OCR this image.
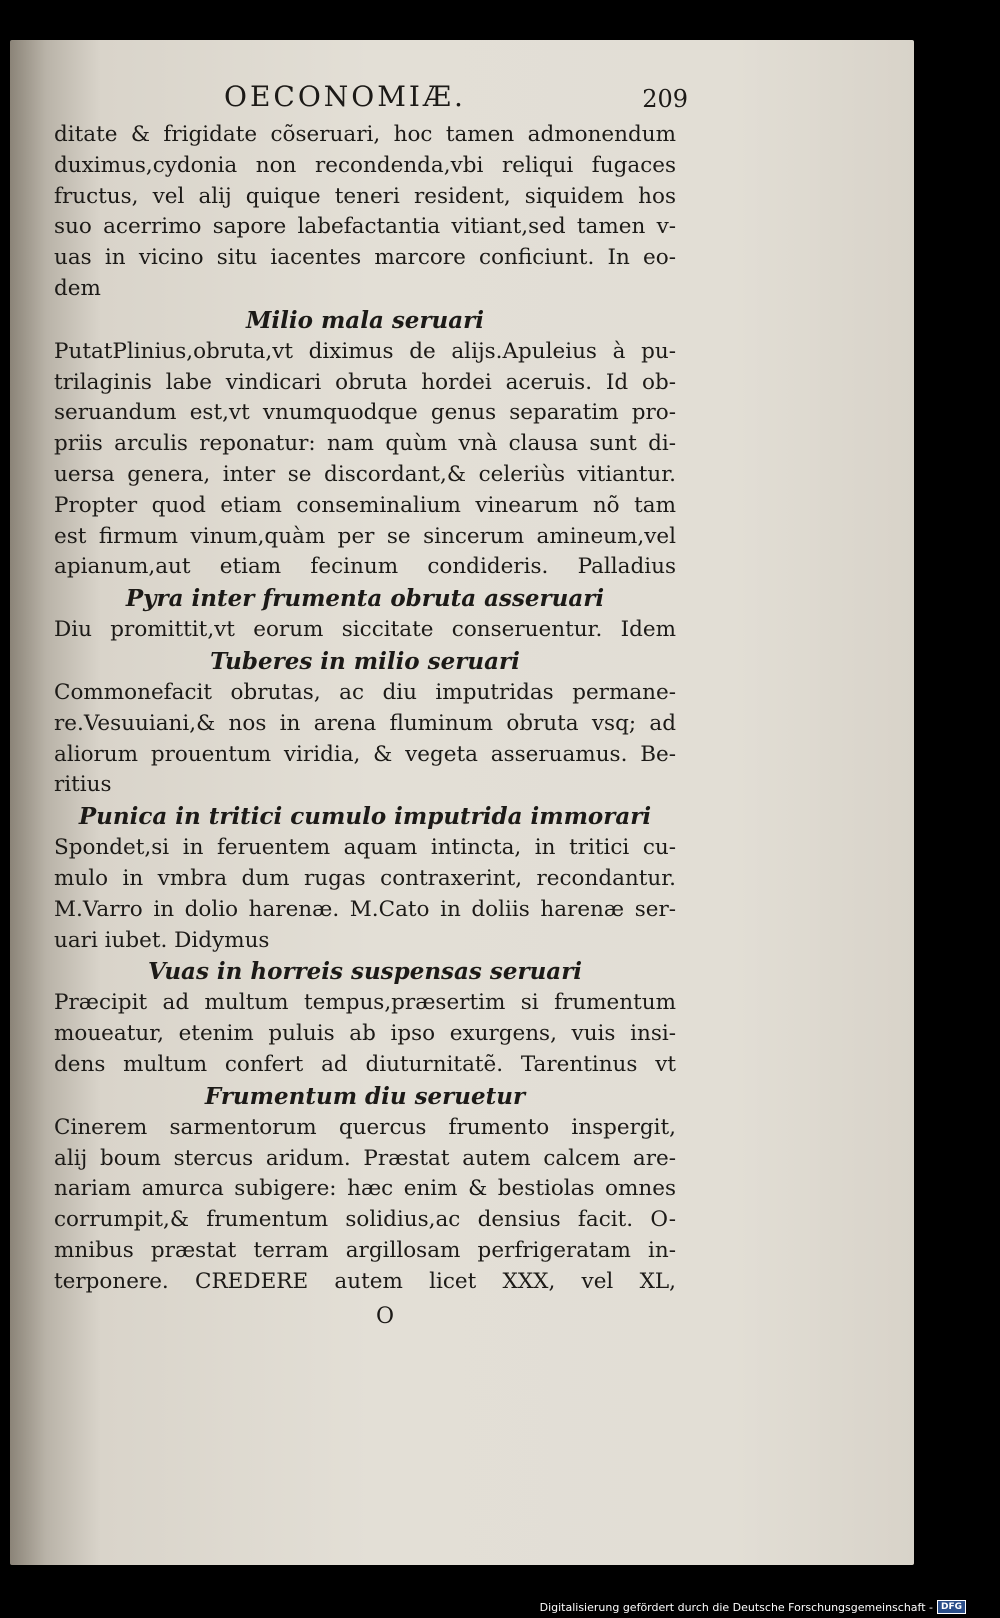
OECONOMIÆ.	209
ditate & frigidate cõseruari, hoc tamen admonendum
duximus,cydonia non recondenda,vbi reliqui fugaces
fructus, vel alij quique teneri resident, siquidem hos
suo acerrimo sapore labefactantia vitiant,sed tamen v-
uas in vicino situ iacentes marcore conficiunt. In eo-
dem
Milio mala seruari
PutatPlinius,obruta,vt diximus de alijs.Apuleius à pu-
trilaginis labe vindicari obruta hordei aceruis. Id ob-
seruandum est,vt vnumquodque genus separatim pro-
priis arculis reponatur: nam quùm vnà clausa sunt di-
uersa genera, inter se discordant,& celeriùs vitiantur.
Propter quod etiam conseminalium vinearum nõ tam
est firmum vinum,quàm per se sincerum amineum,vel
apianum,aut etiam fecinum condideris. Palladius
Pyra inter frumenta obruta asseruari
Diu promittit,vt eorum siccitate conseruentur. Idem
Tuberes in milio seruari
Commonefacit obrutas, ac diu imputridas permane-
re.Vesuuiani,& nos in arena fluminum obruta vsq; ad
aliorum prouentum viridia, & vegeta asseruamus. Be-
ritius
Punica in tritici cumulo imputrida immorari
Spondet,si in feruentem aquam intincta, in tritici cu-
mulo in vmbra dum rugas contraxerint, recondantur.
M.Varro in dolio harenæ. M.Cato in doliis harenæ ser-
uari iubet. Didymus
Vuas in horreis suspensas seruari
Præcipit ad multum tempus,præsertim si frumentum
moueatur, etenim puluis ab ipso exurgens, vuis insi-
dens multum confert ad diuturnitatẽ. Tarentinus vt
Frumentum diu seruetur
Cinerem sarmentorum quercus frumento inspergit,
alij boum stercus aridum. Præstat autem calcem are-
nariam amurca subigere: hæc enim & bestiolas omnes
corrumpit,& frumentum solidius,ac densius facit. O-
mnibus præstat terram argillosam perfrigeratam in-
terponere. CREDERE autem licet XXX, vel XL,
O
Digitalisierung gefördert durch die Deutsche Forschungsgemeinschaft - DFG
